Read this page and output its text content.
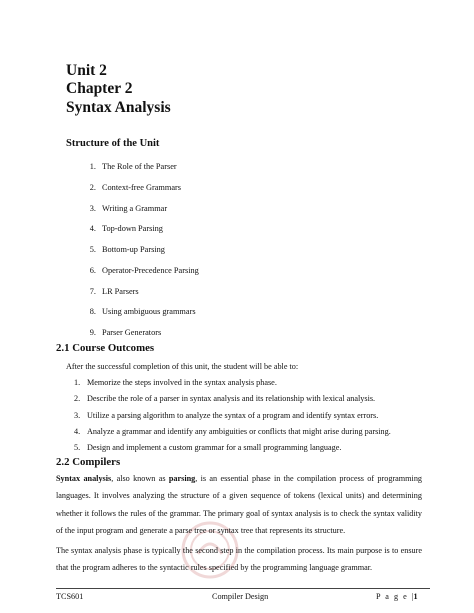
Unit 2
Chapter 2
Syntax Analysis
Structure of the Unit
1. The Role of the Parser
2. Context-free Grammars
3. Writing a Grammar
4. Top-down Parsing
5. Bottom-up Parsing
6. Operator-Precedence Parsing
7. LR Parsers
8. Using ambiguous grammars
9. Parser Generators
2.1 Course Outcomes
After the successful completion of this unit, the student will be able to:
1. Memorize the steps involved in the syntax analysis phase.
2. Describe the role of a parser in syntax analysis and its relationship with lexical analysis.
3. Utilize a parsing algorithm to analyze the syntax of a program and identify syntax errors.
4. Analyze a grammar and identify any ambiguities or conflicts that might arise during parsing.
5. Design and implement a custom grammar for a small programming language.
2.2 Compilers
Syntax analysis, also known as parsing, is an essential phase in the compilation process of programming languages. It involves analyzing the structure of a given sequence of tokens (lexical units) and determining whether it follows the rules of the grammar. The primary goal of syntax analysis is to check the syntax validity of the input program and generate a parse tree or syntax tree that represents its structure.
The syntax analysis phase is typically the second step in the compilation process. Its main purpose is to ensure that the program adheres to the syntactic rules specified by the programming language grammar.
TCS601	Compiler Design	P a g e |1
